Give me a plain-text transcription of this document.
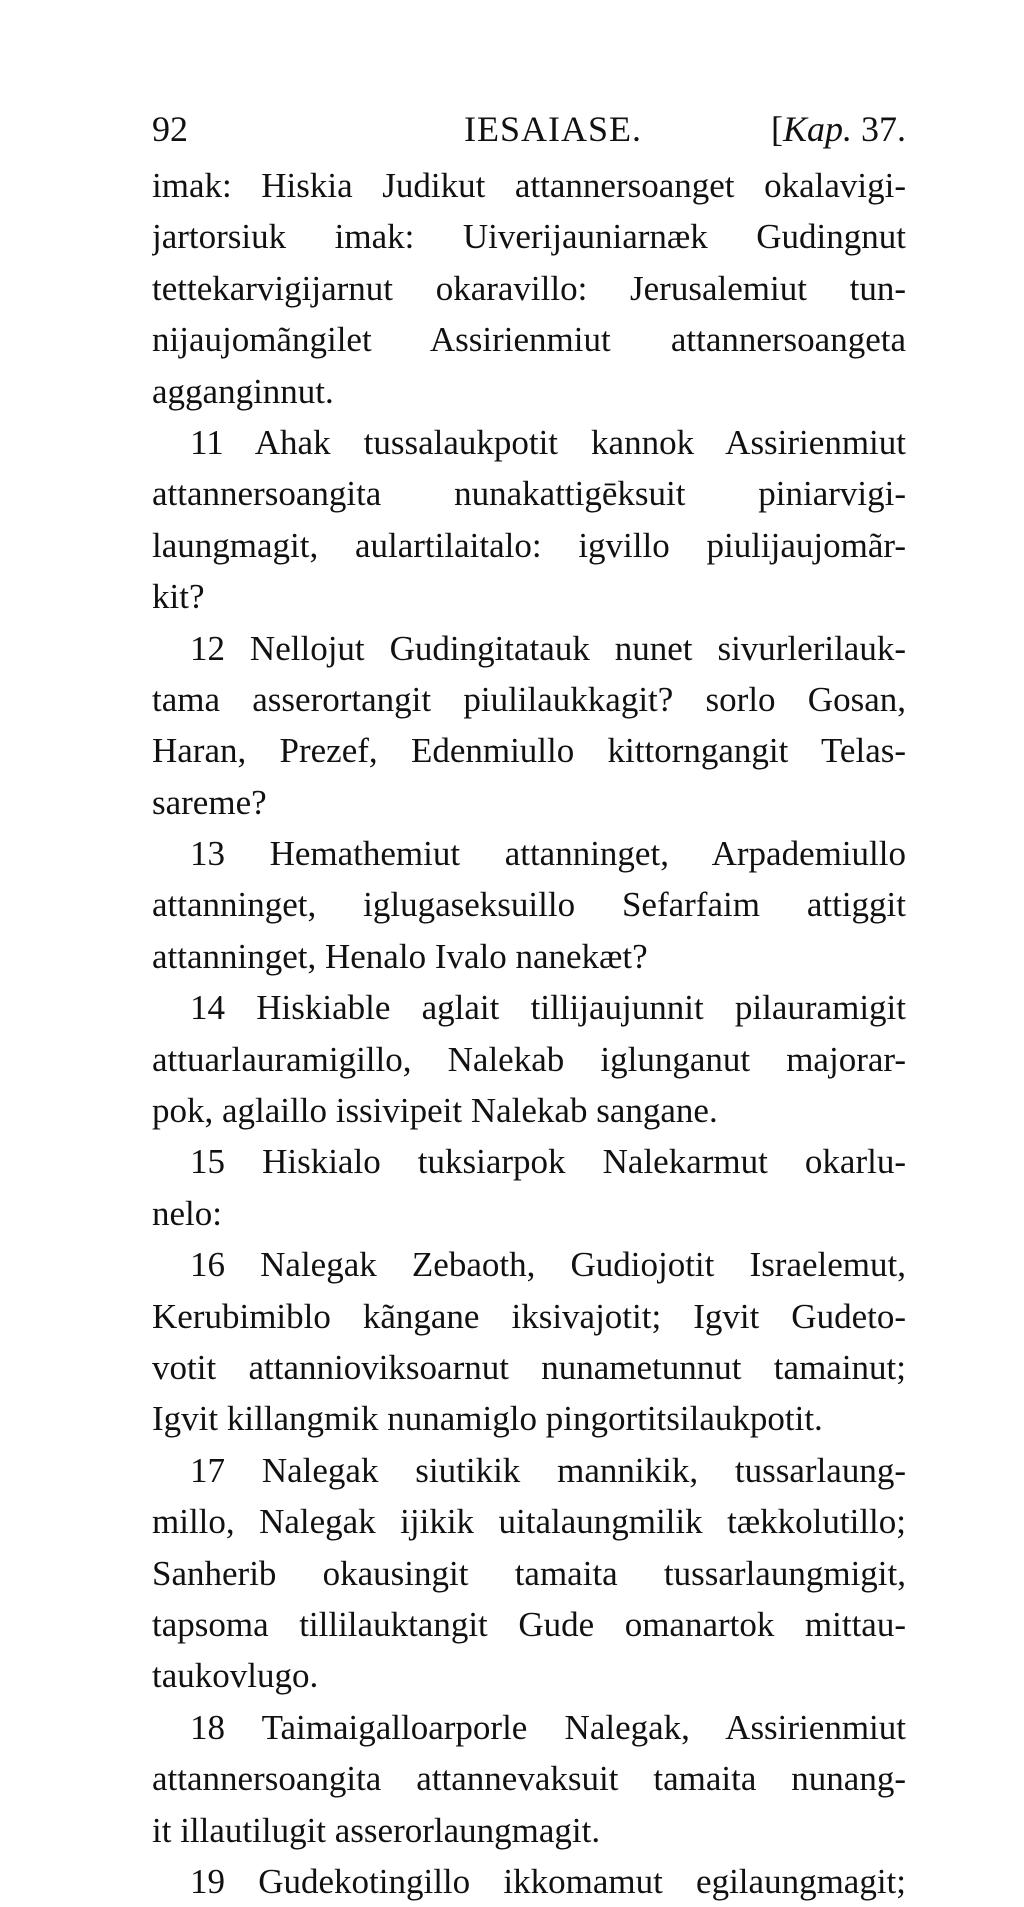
92	IESAIASE.	[Kap. 37.
imak: Hiskia Judikut attannersoanget okalavigi-
jartorsiuk imak: Uiverijauniarnæk Gudingnut
tettekarvigijarnut okaravillo: Jerusalemiut tun-
nijaujomãngilet Assirienmiut attannersoangeta
agganginnut.
11 Ahak tussalaukpotit kannok Assirienmiut
attannersoangita nunakattigēksuit piniarvigi-
laungmagit, aulartilaitalo: igvillo piulijaujomãr-
kit?
12 Nellojut Gudingitatauk nunet sivurlerilauk-
tama asserortangit piulilaukkagit? sorlo Gosan,
Haran, Prezef, Edenmiullo kittorngangit Telas-
sareme?
13 Hemathemiut attanninget, Arpademiullo
attanninget, iglugaseksuillo Sefarfaim attiggit
attanninget, Henalo Ivalo nanekæt?
14 Hiskiable aglait tillijaujunnit pilauramigit
attuarlauramigillo, Nalekab iglunganut majorar-
pok, aglaillo issivipeit Nalekab sangane.
15 Hiskialo tuksiarpok Nalekarmut okarlu-
nelo:
16 Nalegak Zebaoth, Gudiojotit Israelemut,
Kerubimiblo kãngane iksivajotit; Igvit Gudeto-
votit attannioviksoarnut nunametunnut tamainut;
Igvit killangmik nunamiglo pingortitsilaukpotit.
17 Nalegak siutikik mannikik, tussarlaung-
millo, Nalegak ijikik uitalaungmilik tækkolutillo;
Sanherib okausingit tamaita tussarlaungmigit,
tapsoma tillilauktangit Gude omanartok mittau-
taukovlugo.
18 Taimaigalloarporle Nalegak, Assirienmiut
attannersoangita attannevaksuit tamaita nunang-
it illautilugit asserorlaungmagit.
19 Gudekotingillo ikkomamut egilaungmagit;
